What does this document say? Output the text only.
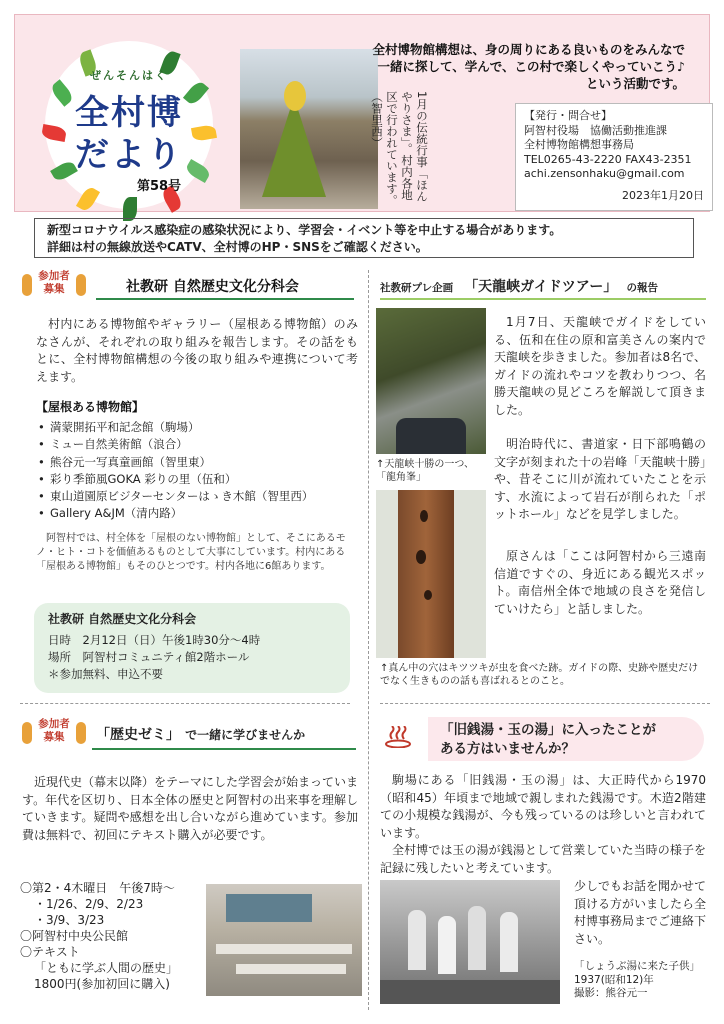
ぜんそんはく
全村博
だより
第58号	1月の伝統行事「ほんやりさま」。村内各地区で行われています。（智里西）
全村博物館構想は、身の周りにある良いものをみんなで
一緒に探して、学んで、この村で楽しくやっていこう♪
という活動です。
【発行・問合せ】
阿智村役場　協働活動推進課
全村博物館構想事務局
TEL0265-43-2220 FAX43-2351
achi.zensonhaku@gmail.com
2023年1月20日
新型コロナウイルス感染症の感染状況により、学習会・イベント等を中止する場合があります。
詳細は村の無線放送やCATV、全村博のHP・SNSをご確認ください。
参加者
募集	社教研 自然歴史文化分科会
村内にある博物館やギャラリー（屋根ある博物館）のみなさんが、それぞれの取り組みを報告します。その話をもとに、全村博物館構想の今後の取り組みや連携について考えます。
【屋根ある博物館】
• 満蒙開拓平和記念館（駒場）
• ミュー自然美術館（浪合）
• 熊谷元一写真童画館（智里東）
• 彩り季節風GOKA 彩りの里（伍和）
• 東山道園原ビジターセンターはゝき木館（智里西）
• Gallery A&JM（清内路）
阿智村では、村全体を「屋根のない博物館」として、そこにあるモノ・ヒト・コトを価値あるものとして大事にしています。村内にある「屋根ある博物館」もそのひとつです。村内各地に6館あります。
社教研 自然歴史文化分科会
日時　2月12日（日）午後1時30分～4時
場所　阿智村コミュニティ館2階ホール
＊参加無料、申込不要
社教研プレ企画 「天龍峡ガイドツアー」 の報告
↑天龍峡十勝の一つ、「龍角峯」
1月7日、天龍峡でガイドをしている、伍和在住の原和富美さんの案内で天龍峡を歩きました。参加者は8名で、ガイドの流れやコツを教わりつつ、名勝天龍峡の見どころを解説して頂きました。
明治時代に、書道家・日下部鳴鶴の文字が刻まれた十の岩峰「天龍峡十勝」や、昔そこに川が流れていたことを示す、水流によって岩石が削られた「ポットホール」などを見学しました。
原さんは「ここは阿智村から三遠南信道ですぐの、身近にある観光スポット。南信州全体で地域の良さを発信していけたら」と話しました。
↑真ん中の穴はキツツキが虫を食べた跡。ガイドの際、史跡や歴史だけでなく生きものの話も喜ばれるとのこと。
参加者
募集	「歴史ゼミ」 で一緒に学びませんか
近現代史（幕末以降）をテーマにした学習会が始まっています。年代を区切り、日本全体の歴史と阿智村の出来事を理解していきます。疑問や感想を出し合いながら進めています。参加費は無料で、初回にテキスト購入が必要です。
〇第2・4木曜日　午後7時～
・1/26、2/9、2/23
・3/9、3/23
〇阿智村中央公民館
〇テキスト
「ともに学ぶ人間の歴史」
1800円(参加初回に購入)
「旧銭湯・玉の湯」に入ったことが
ある方はいませんか？
駒場にある「旧銭湯・玉の湯」は、大正時代から1970（昭和45）年頃まで地域で親しまれた銭湯です。木造2階建ての小規模な銭湯が、今も残っているのは珍しいと言われています。
全村博では玉の湯が銭湯として営業していた当時の様子を記録に残したいと考えています。
少しでもお話を聞かせて頂ける方がいましたら全村博事務局までご連絡下さい。
「しょうぶ湯に来た子供」
1937(昭和12)年
撮影：熊谷元一
